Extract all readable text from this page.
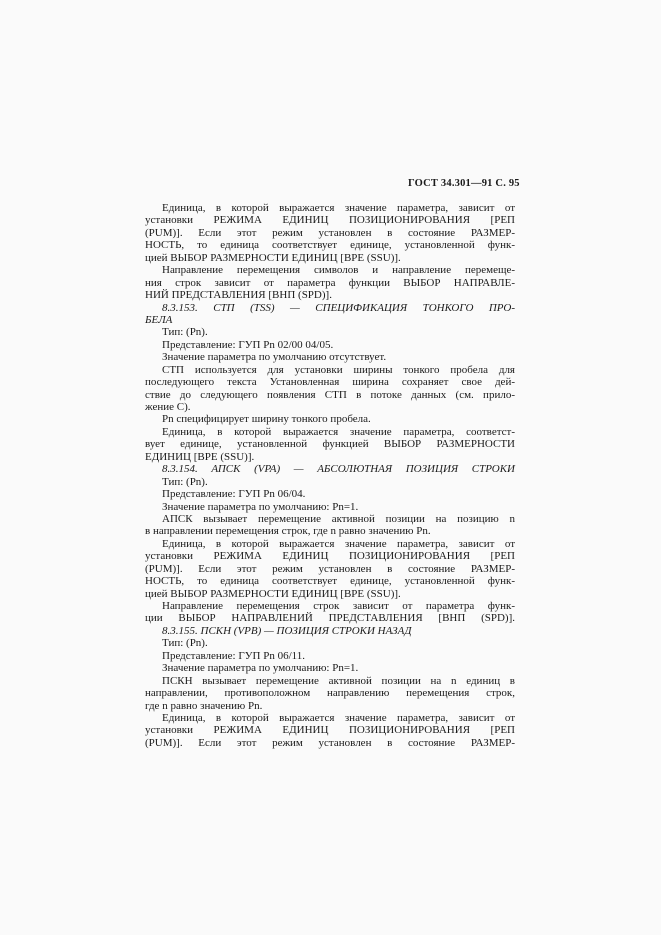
ГОСТ 34.301—91 С. 95
Единица, в которой выражается значение параметра, зависит от
установки РЕЖИМА ЕДИНИЦ ПОЗИЦИОНИРОВАНИЯ [РЕП
(PUM)]. Если этот режим установлен в состояние РАЗМЕР-
НОСТЬ, то единица соответствует единице, установленной функ-
цией ВЫБОР РАЗМЕРНОСТИ ЕДИНИЦ [ВРЕ (SSU)].
Направление перемещения символов и направление перемеще-
ния строк зависит от параметра функции ВЫБОР НАПРАВЛЕ-
НИЙ ПРЕДСТАВЛЕНИЯ [ВНП (SPD)].
8.3.153. СТП (TSS) — СПЕЦИФИКАЦИЯ ТОНКОГО ПРО-
БЕЛА
Тип: (Pn).
Представление: ГУП Pn 02/00 04/05.
Значение параметра по умолчанию отсутствует.
СТП используется для установки ширины тонкого пробела для
последующего текста Установленная ширина сохраняет свое дей-
ствие до следующего появления СТП в потоке данных (см. прило-
жение С).
Pn специфицирует ширину тонкого пробела.
Единица, в которой выражается значение параметра, соответст-
вует единице, установленной функцией ВЫБОР РАЗМЕРНОСТИ
ЕДИНИЦ [ВРЕ (SSU)].
8.3.154. АПСК (VPA) — АБСОЛЮТНАЯ ПОЗИЦИЯ СТРОКИ
Тип: (Pn).
Представление: ГУП Pn 06/04.
Значение параметра по умолчанию: Pn=1.
АПСК вызывает перемещение активной позиции на позицию n
в направлении перемещения строк, где n равно значению Pn.
Единица, в которой выражается значение параметра, зависит от
установки РЕЖИМА ЕДИНИЦ ПОЗИЦИОНИРОВАНИЯ [РЕП
(PUM)]. Если этот режим установлен в состояние РАЗМЕР-
НОСТЬ, то единица соответствует единице, установленной функ-
цией ВЫБОР РАЗМЕРНОСТИ ЕДИНИЦ [ВРЕ (SSU)].
Направление перемещения строк зависит от параметра функ-
ции ВЫБОР НАПРАВЛЕНИЙ ПРЕДСТАВЛЕНИЯ [ВНП (SPD)].
8.3.155. ПСКН (VPB) — ПОЗИЦИЯ СТРОКИ НАЗАД
Тип: (Pn).
Представление: ГУП Pn 06/11.
Значение параметра по умолчанию: Pn=1.
ПСКН вызывает перемещение активной позиции на n единиц в
направлении, противоположном направлению перемещения строк,
где n равно значению Pn.
Единица, в которой выражается значение параметра, зависит от
установки РЕЖИМА ЕДИНИЦ ПОЗИЦИОНИРОВАНИЯ [РЕП
(PUM)]. Если этот режим установлен в состояние РАЗМЕР-
